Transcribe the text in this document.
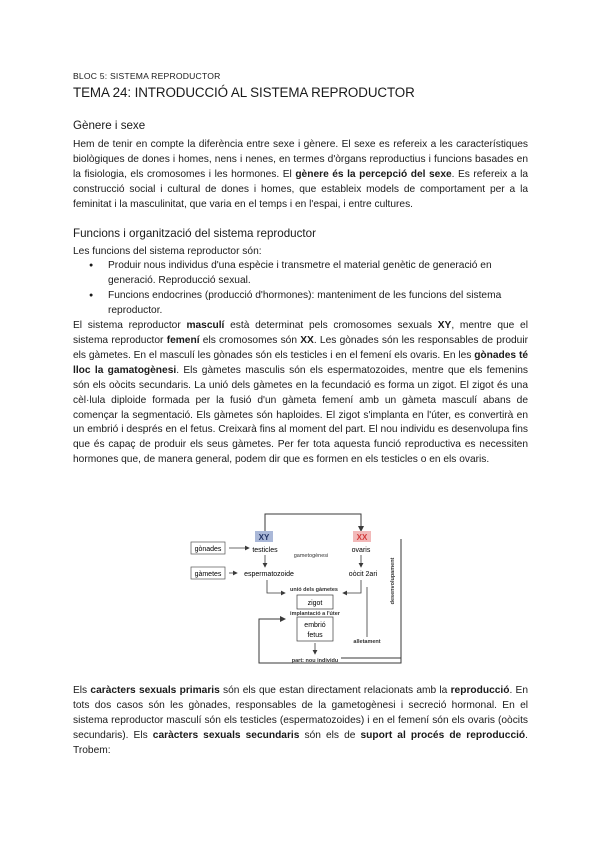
BLOC 5: SISTEMA REPRODUCTOR

TEMA 24: INTRODUCCIÓ AL SISTEMA REPRODUCTOR
Gènere i sexe

Hem de tenir en compte la diferència entre sexe i gènere. El sexe es refereix a les característiques biològiques de dones i homes, nens i nenes, en termes d'òrgans reproductius i funcions basades en la fisiologia, els cromosomes i les hormones. El gènere és la percepció del sexe. Es refereix a la construcció social i cultural de dones i homes, que estableix models de comportament per a la feminitat i la masculinitat, que varia en el temps i en l'espai, i entre cultures.

Funcions i organització del sistema reproductor

Les funcions del sistema reproductor són:

● Produir nous individus d'una espècie i transmetre el material genètic de generació en generació. Reproducció sexual.
● Funcions endocrines (producció d'hormones): manteniment de les funcions del sistema reproductor.

El sistema reproductor masculí està determinat pels cromosomes sexuals XY, mentre que el sistema reproductor femení els cromosomes són XX. Les gònades són les responsables de produir els gàmetes. En el masculí les gònades són els testicles i en el femení els ovaris. En les gònades té lloc la gamatogènesi. Els gàmetes masculis són els espermatozoides, mentre que els femenins són els oòcits secundaris. La unió dels gàmetes en la fecundació es forma un zigot. El zigot és una cèl·lula diploide formada per la fusió d'un gàmeta femení amb un gàmeta masculí abans de començar la segmentació. Els gàmetes són haploides. El zigot s'implanta en l'úter, es convertirà en un embrió i després en el fetus. Creixarà fins al moment del part. El nou individu es desenvolupa fins que és capaç de produir els seus gàmetes. Per fer tota aquesta funció reproductiva es necessiten hormones que, de manera general, podem dir que es formen en els testicles o en els ovaris.

XY	XX
gònades
gàmetes
testicles	ovaris
gametogènesi
espermatozoide	oòcit 2ari
unió dels gàmetes
zigot
implantació a l'úter
embrió
fetus
part: nou individu
alletament
desenvolupament

Els caràcters sexuals primaris són els que estan directament relacionats amb la reproducció. En tots dos casos són les gònades, responsables de la gametogènesi i secreció hormonal. En el sistema reproductor masculí són els testicles (espermatozoides) i en el femení són els ovaris (oòcits secundaris). Els caràcters sexuals secundaris són els de suport al procés de reproducció. Trobem:
